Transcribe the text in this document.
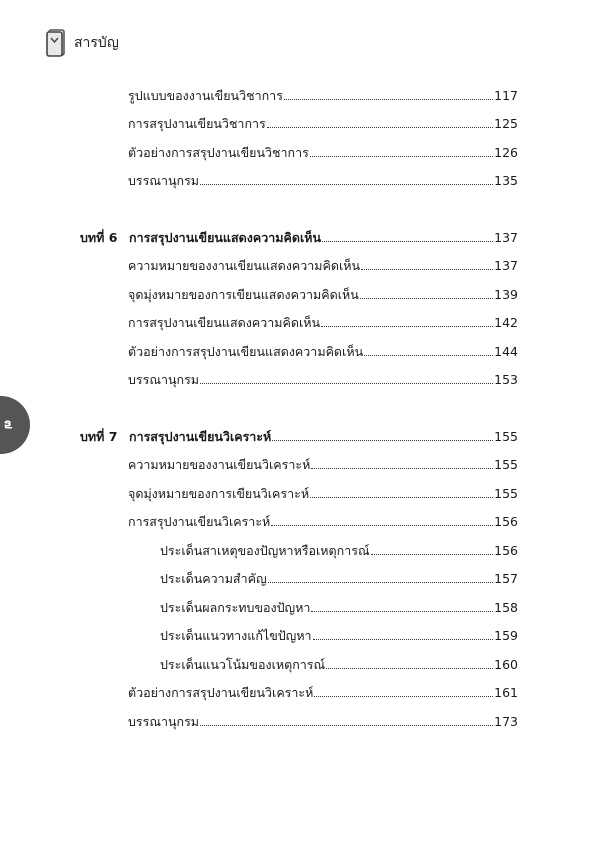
สารบัญ
๗
รูปแบบของงานเขียนวิชาการ	117
การสรุปงานเขียนวิชาการ	125
ตัวอย่างการสรุปงานเขียนวิชาการ	126
บรรณานุกรม	135
บทที่ 6 การสรุปงานเขียนแสดงความคิดเห็น	137
ความหมายของงานเขียนแสดงความคิดเห็น	137
จุดมุ่งหมายของการเขียนแสดงความคิดเห็น	139
การสรุปงานเขียนแสดงความคิดเห็น	142
ตัวอย่างการสรุปงานเขียนแสดงความคิดเห็น	144
บรรณานุกรม	153
บทที่ 7 การสรุปงานเขียนวิเคราะห์	155
ความหมายของงานเขียนวิเคราะห์	155
จุดมุ่งหมายของการเขียนวิเคราะห์	155
การสรุปงานเขียนวิเคราะห์	156
ประเด็นสาเหตุของปัญหาหรือเหตุการณ์	156
ประเด็นความสำคัญ	157
ประเด็นผลกระทบของปัญหา	158
ประเด็นแนวทางแก้ไขปัญหา	159
ประเด็นแนวโน้มของเหตุการณ์	160
ตัวอย่างการสรุปงานเขียนวิเคราะห์	161
บรรณานุกรม	173
